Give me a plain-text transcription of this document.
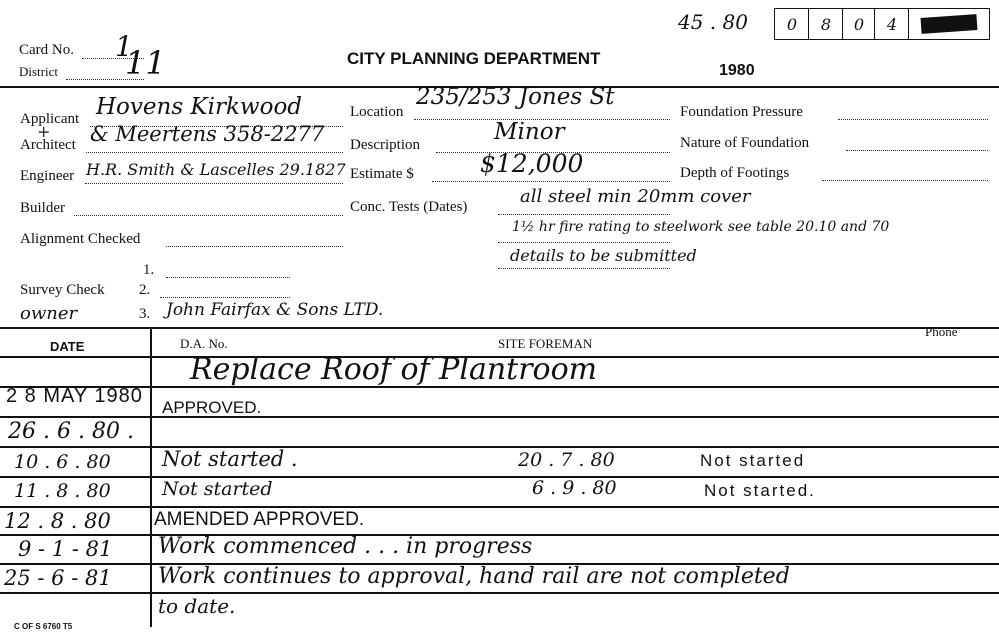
Card No. 1
District 11	CITY PLANNING DEPARTMENT
1980
45 . 80	0	8	0	4
Applicant Hovens Kirkwood
+
Architect & Meertens 358-2277
Engineer H.R. Smith & Lascelles 29.1827
Builder
Alignment Checked
1.
Survey Check 2.
owner	3. John Fairfax & Sons LTD.
Location
235/253 Jones St
Description	Minor
Estimate $	$12,000
Conc. Tests (Dates)	all steel min 20mm cover
1½ hr fire rating to steelwork see table 20.10 and 70
details to be submitted
Foundation Pressure
Nature of Foundation
Depth of Footings
DATE	D.A. No.	SITE FOREMAN
Phone
Replace Roof of Plantroom
2 8 MAY 1980
APPROVED.
26 . 6 . 80 .
10 . 6 . 80 Not started .	20 . 7 . 80	Not started
11 . 8 . 80	Not started	6 . 9 . 80	Not started.
12 . 8 . 80 AMENDED APPROVED.
9 - 1 - 81 Work commenced . . . in progress
25 - 6 - 81 Work continues to approval, hand rail are not completed
to date.
C OF S 6760 T5
